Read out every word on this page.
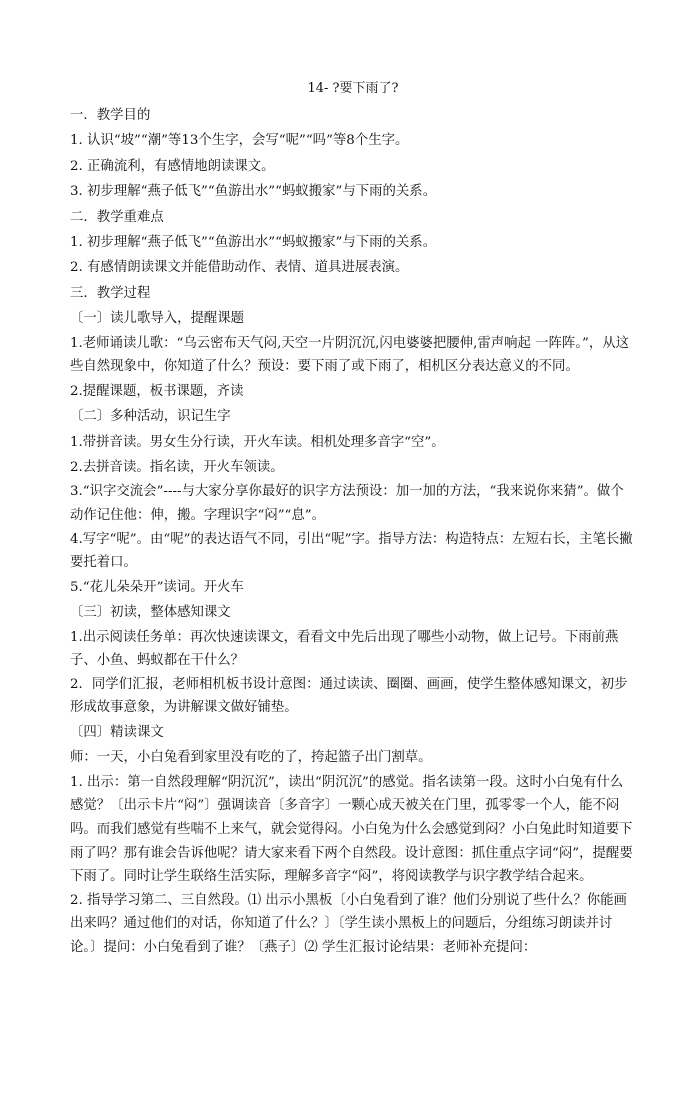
14- ?要下雨了?

一．教学目的

1. 认识“坡”“潮”等13个生字，会写“呢”“吗”等8个生字。

2. 正确流利，有感情地朗读课文。

3. 初步理解“燕子低飞”“鱼游出水”“蚂蚁搬家”与下雨的关系。

二．教学重难点

1. 初步理解“燕子低飞”“鱼游出水”“蚂蚁搬家”与下雨的关系。

2. 有感情朗读课文并能借助动作、表情、道具进展表演。

三．教学过程

〔一〕读儿歌导入，提醒课题

1.老师诵读儿歌：“乌云密布天气闷,天空一片阴沉沉,闪电婆婆把腰伸,雷声响起 一阵阵。”，从这些自然现象中，你知道了什么？预设：要下雨了或下雨了，相机区分表达意义的不同。

2.提醒课题，板书课题，齐读

〔二〕多种活动，识记生字

1.带拼音读。男女生分行读，开火车读。相机处理多音字“空”。

2.去拼音读。指名读，开火车领读。

3.“识字交流会”----与大家分享你最好的识字方法预设：加一加的方法，“我来说你来猜”。做个动作记住他：伸，搬。字理识字“闷”“息”。

4.写字“呢”。由“呢”的表达语气不同，引出“呢”字。指导方法：构造特点：左短右长，主笔长撇要托着口。

5.“花儿朵朵开”读词。开火车

〔三〕初读，整体感知课文

1.出示阅读任务单：再次快速读课文，看看文中先后出现了哪些小动物，做上记号。下雨前燕子、小鱼、蚂蚁都在干什么？

2．同学们汇报，老师相机板书设计意图：通过读读、圈圈、画画，使学生整体感知课文，初步形成故事意象，为讲解课文做好铺垫。

〔四〕精读课文

师：一天，小白兔看到家里没有吃的了，挎起篮子出门割草。

1. 出示：第一自然段理解“阴沉沉”，读出“阴沉沉”的感觉。指名读第一段。这时小白兔有什么感觉？〔出示卡片“闷”〕强调读音〔多音字〕一颗心成天被关在门里，孤零零一个人，能不闷吗。而我们感觉有些喘不上来气，就会觉得闷。小白兔为什么会感觉到闷？小白兔此时知道要下雨了吗？那有谁会告诉他呢？请大家来看下两个自然段。设计意图：抓住重点字词“闷”，提醒要下雨了。同时让学生联络生活实际，理解多音字“闷”，将阅读教学与识字教学结合起来。

2. 指导学习第二、三自然段。⑴ 出示小黑板〔小白兔看到了谁？他们分别说了些什么？你能画出来吗？通过他们的对话，你知道了什么？〕〔学生读小黑板上的问题后，分组练习朗读并讨论。〕提问：小白兔看到了谁？〔燕子〕⑵ 学生汇报讨论结果：老师补充提问：
